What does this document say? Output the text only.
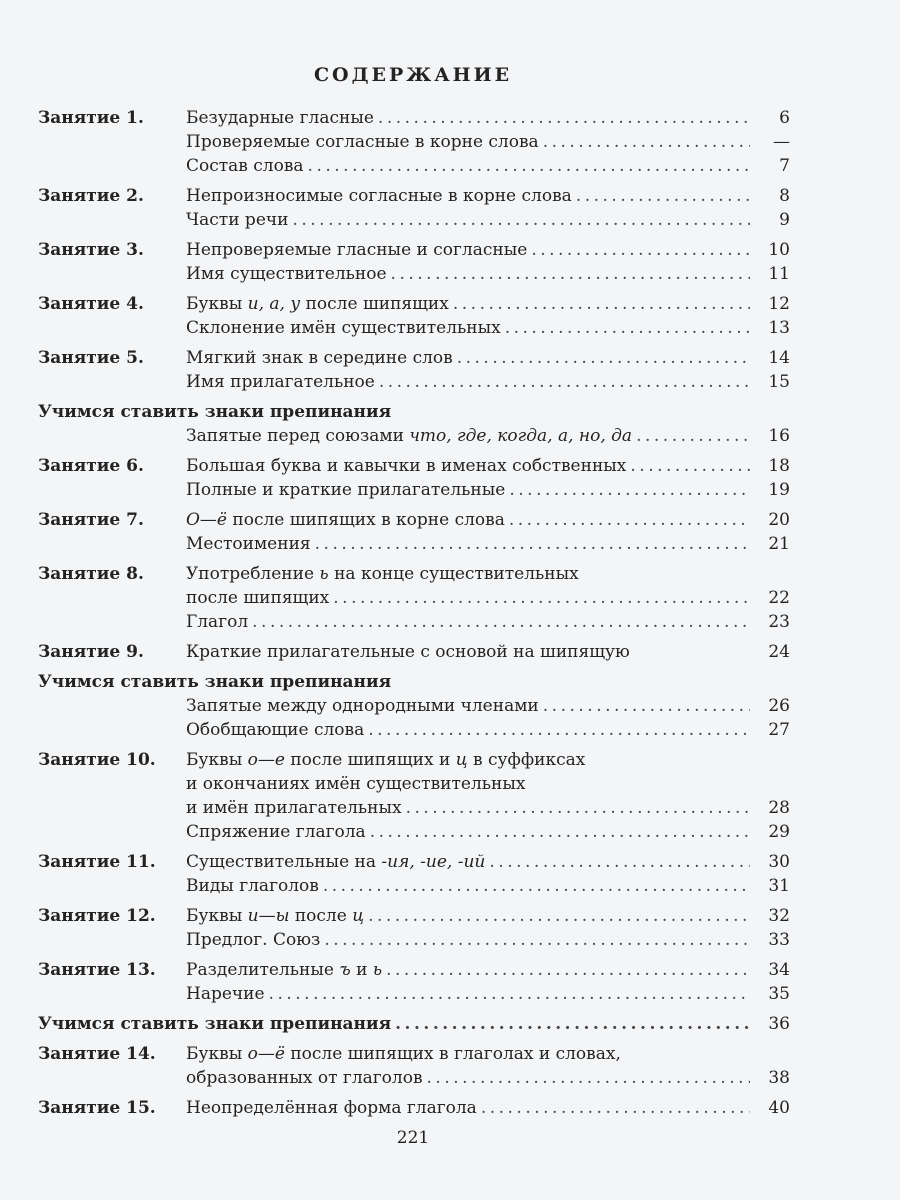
СОДЕРЖАНИЕ
Занятие 1.	Безударные гласные .....	6
Проверяемые согласные в корне слова .....	—
Состав слова .....	7
Занятие 2.	Непроизносимые согласные в корне слова .....	8
Части речи .....	9
Занятие 3.	Непроверяемые гласные и согласные .....	10
Имя существительное .....	11
Занятие 4.	Буквы и, а, у после шипящих .....	12
Склонение имён существительных .....	13
Занятие 5.	Мягкий знак в середине слов .....	14
Имя прилагательное .....	15
Учимся ставить знаки препинания
Запятые перед союзами что, где, когда, а, но, да .....	16
Занятие 6.	Большая буква и кавычки в именах собственных .....	18
Полные и краткие прилагательные .....	19
Занятие 7.	О—ё после шипящих в корне слова .....	20
Местоимения .....	21
Занятие 8.	Употребление ь на конце существительных
после шипящих .....	22
Глагол .....	23
Занятие 9.	Краткие прилагательные с основой на шипящую	24
Учимся ставить знаки препинания
Запятые между однородными членами .....	26
Обобщающие слова .....	27
Занятие 10.	Буквы о—е после шипящих и ц в суффиксах
и окончаниях имён существительных
и имён прилагательных .....	28
Спряжение глагола .....	29
Занятие 11.	Существительные на -ия, -ие, -ий .....	30
Виды глаголов .....	31
Занятие 12.	Буквы и—ы после ц .....	32
Предлог. Союз .....	33
Занятие 13.	Разделительные ъ и ь .....	34
Наречие .....	35
Учимся ставить знаки препинания .....	36
Занятие 14.	Буквы о—ё после шипящих в глаголах и словах,
образованных от глаголов .....	38
Занятие 15.	Неопределённая форма глагола .....	40
221
